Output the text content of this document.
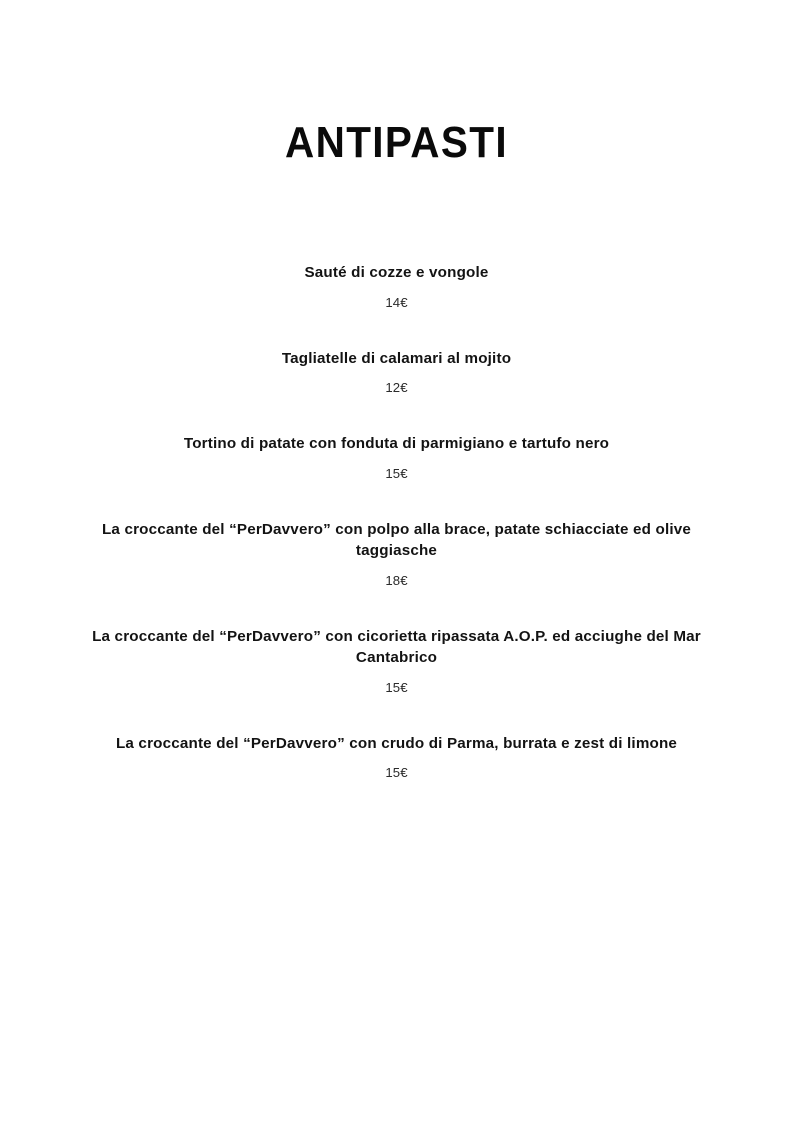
ANTIPASTI
Sauté di cozze e vongole
14€
Tagliatelle di calamari al mojito
12€
Tortino di patate con fonduta di parmigiano e tartufo nero
15€
La croccante del “PerDavvero” con polpo alla brace, patate schiacciate ed olive taggiasche
18€
La croccante del “PerDavvero” con cicorietta ripassata A.O.P. ed acciughe del Mar Cantabrico
15€
La croccante del “PerDavvero” con crudo di Parma, burrata e zest di limone
15€
